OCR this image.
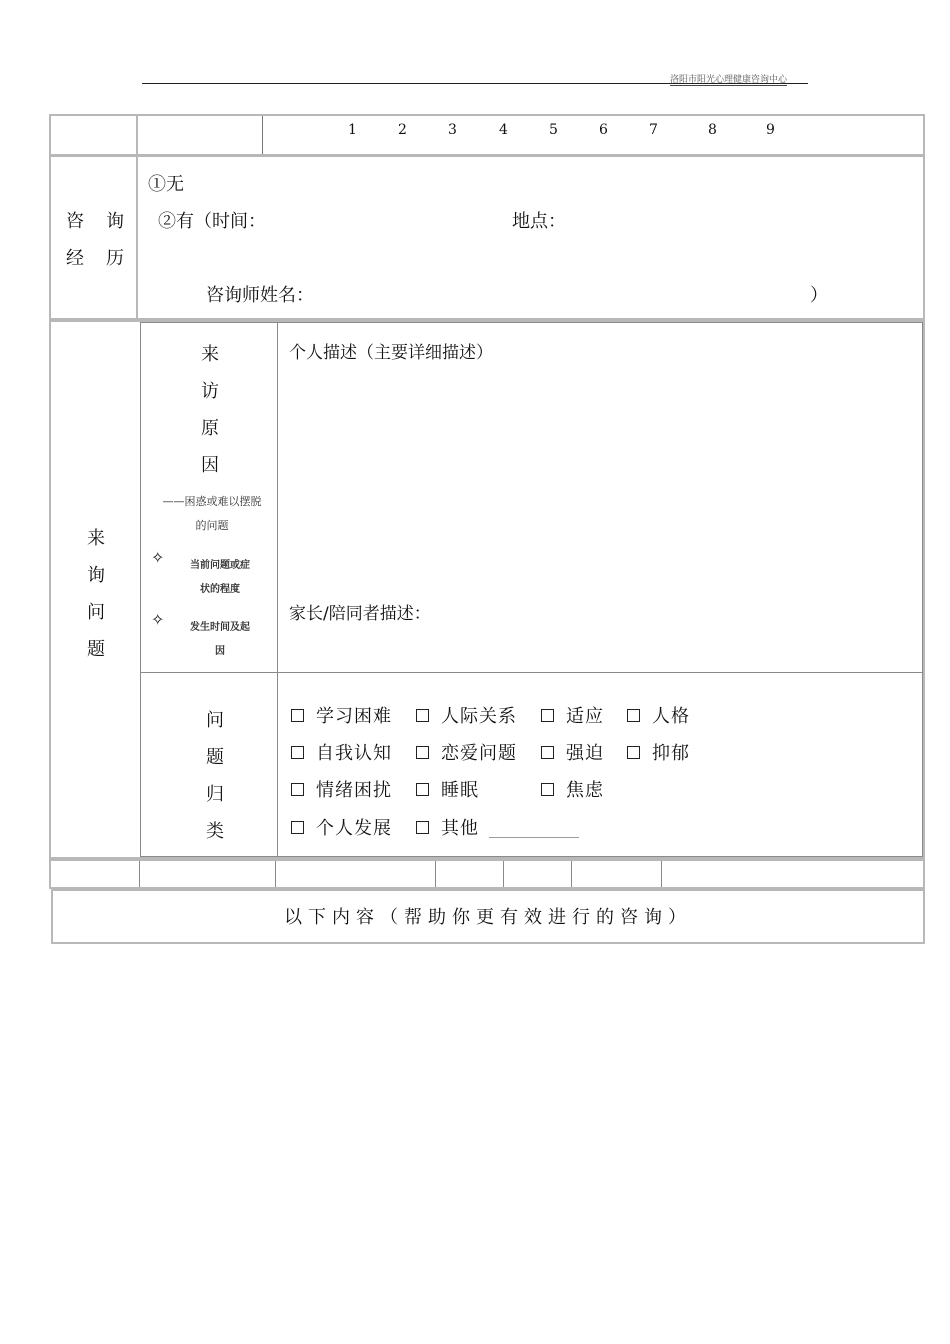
洛阳市阳光心理健康咨询中心
1	2	3	4	5	6	7	8	9
咨 询
经 历
①无
②有（时间：	地点：
咨询师姓名：	）
来
询
问
题
来
访
原
因
——困惑或难以摆脱
的问题
✧	当前问题或症
状的程度
✧	发生时间及起
因
个人描述（主要详细描述）
家长/陪同者描述：
问
题
归
类
学习困难	人际关系	适应	人格
自我认知	恋爱问题	强迫	抑郁
情绪困扰	睡眠	焦虑
个人发展	其他 ____________
以下内容（帮助你更有效进行的咨询）
